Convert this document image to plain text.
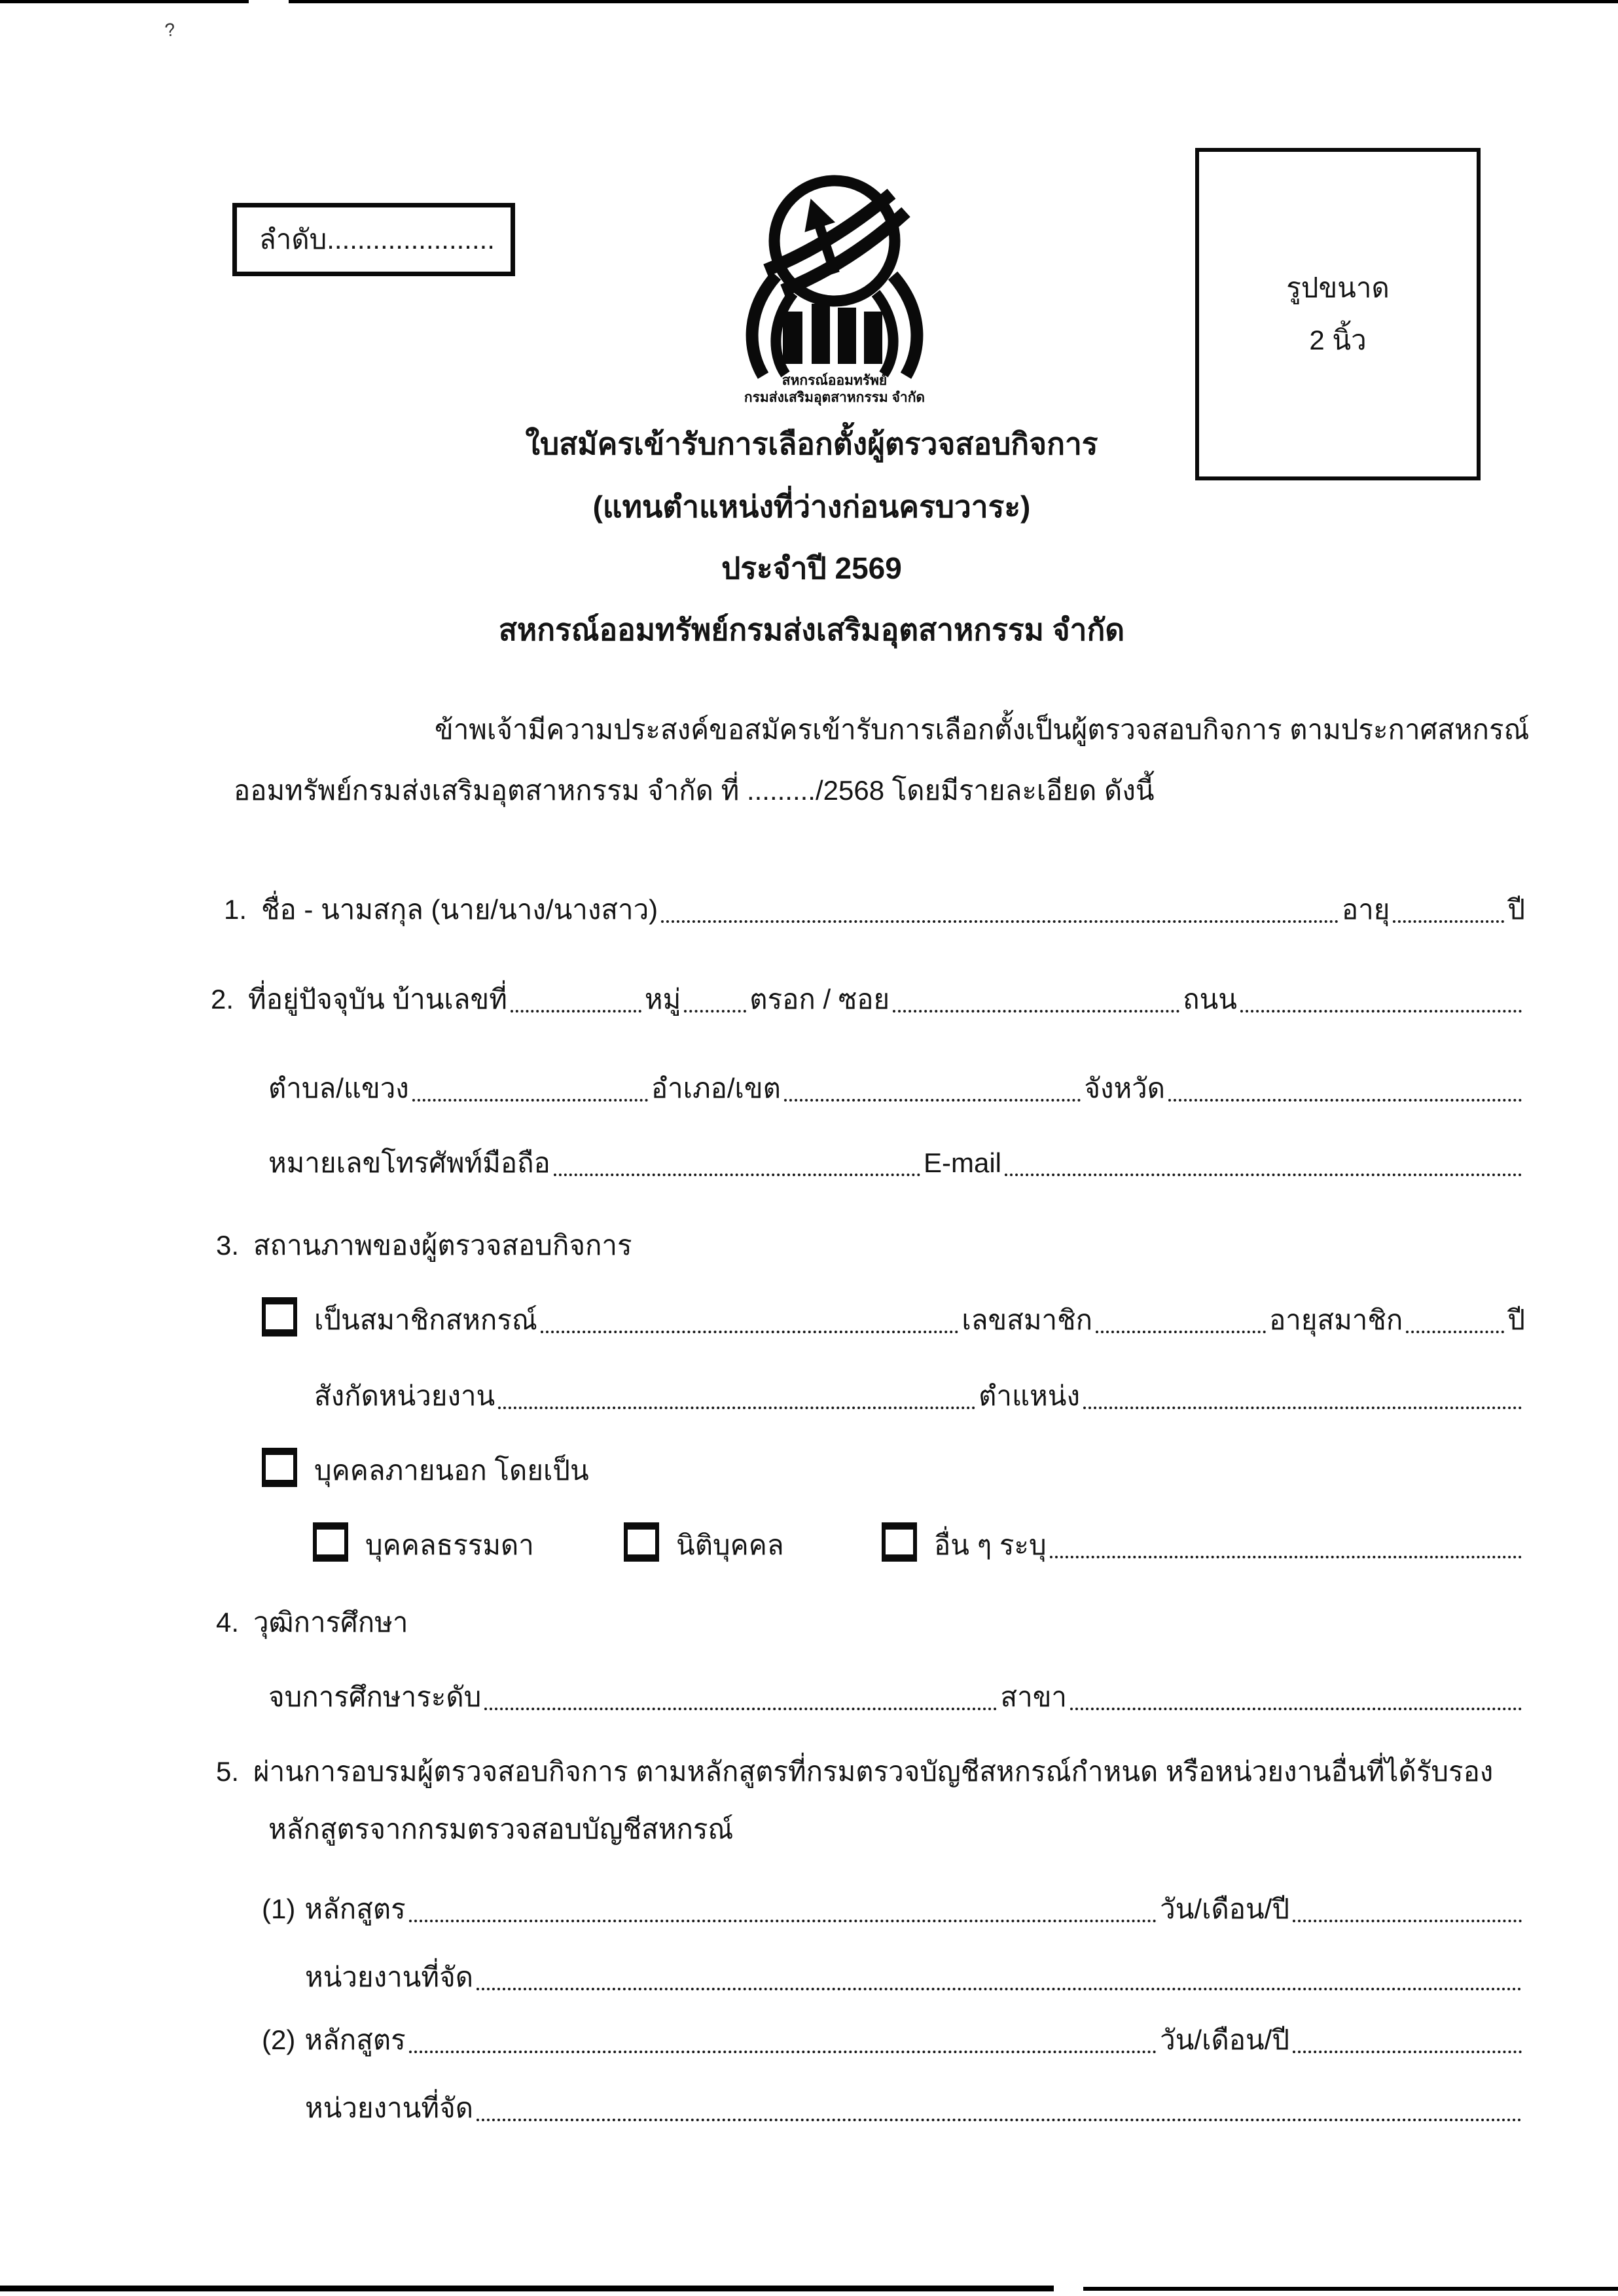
?
ลำดับ......................
สหกรณ์ออมทรัพย์
กรมส่งเสริมอุตสาหกรรม จำกัด
รูปขนาด
2 นิ้ว
ใบสมัครเข้ารับการเลือกตั้งผู้ตรวจสอบกิจการ
(แทนตำแหน่งที่ว่างก่อนครบวาระ)
ประจำปี 2569
สหกรณ์ออมทรัพย์กรมส่งเสริมอุตสาหกรรม จำกัด
ข้าพเจ้ามีความประสงค์ขอสมัครเข้ารับการเลือกตั้งเป็นผู้ตรวจสอบกิจการ ตามประกาศสหกรณ์
ออมทรัพย์กรมส่งเสริมอุตสาหกรรม จำกัด ที่ ........./2568 โดยมีรายละเอียด ดังนี้
1. ชื่อ - นามสกุล (นาย/นาง/นางสาว)	อายุ	ปี
2. ที่อยู่ปัจจุบัน บ้านเลขที่	หมู่	ตรอก / ซอย	ถนน
ตำบล/แขวง	อำเภอ/เขต	จังหวัด
หมายเลขโทรศัพท์มือถือ	E-mail
3. สถานภาพของผู้ตรวจสอบกิจการ
เป็นสมาชิกสหกรณ์	เลขสมาชิก	อายุสมาชิก	ปี
สังกัดหน่วยงาน	ตำแหน่ง
บุคคลภายนอก โดยเป็น
บุคคลธรรมดา	นิติบุคคล	อื่น ๆ ระบุ
4. วุฒิการศึกษา
จบการศึกษาระดับ	สาขา
5. ผ่านการอบรมผู้ตรวจสอบกิจการ ตามหลักสูตรที่กรมตรวจบัญชีสหกรณ์กำหนด หรือหน่วยงานอื่นที่ได้รับรอง
หลักสูตรจากกรมตรวจสอบบัญชีสหกรณ์
(1) หลักสูตร	วัน/เดือน/ปี
หน่วยงานที่จัด
(2) หลักสูตร	วัน/เดือน/ปี
หน่วยงานที่จัด
